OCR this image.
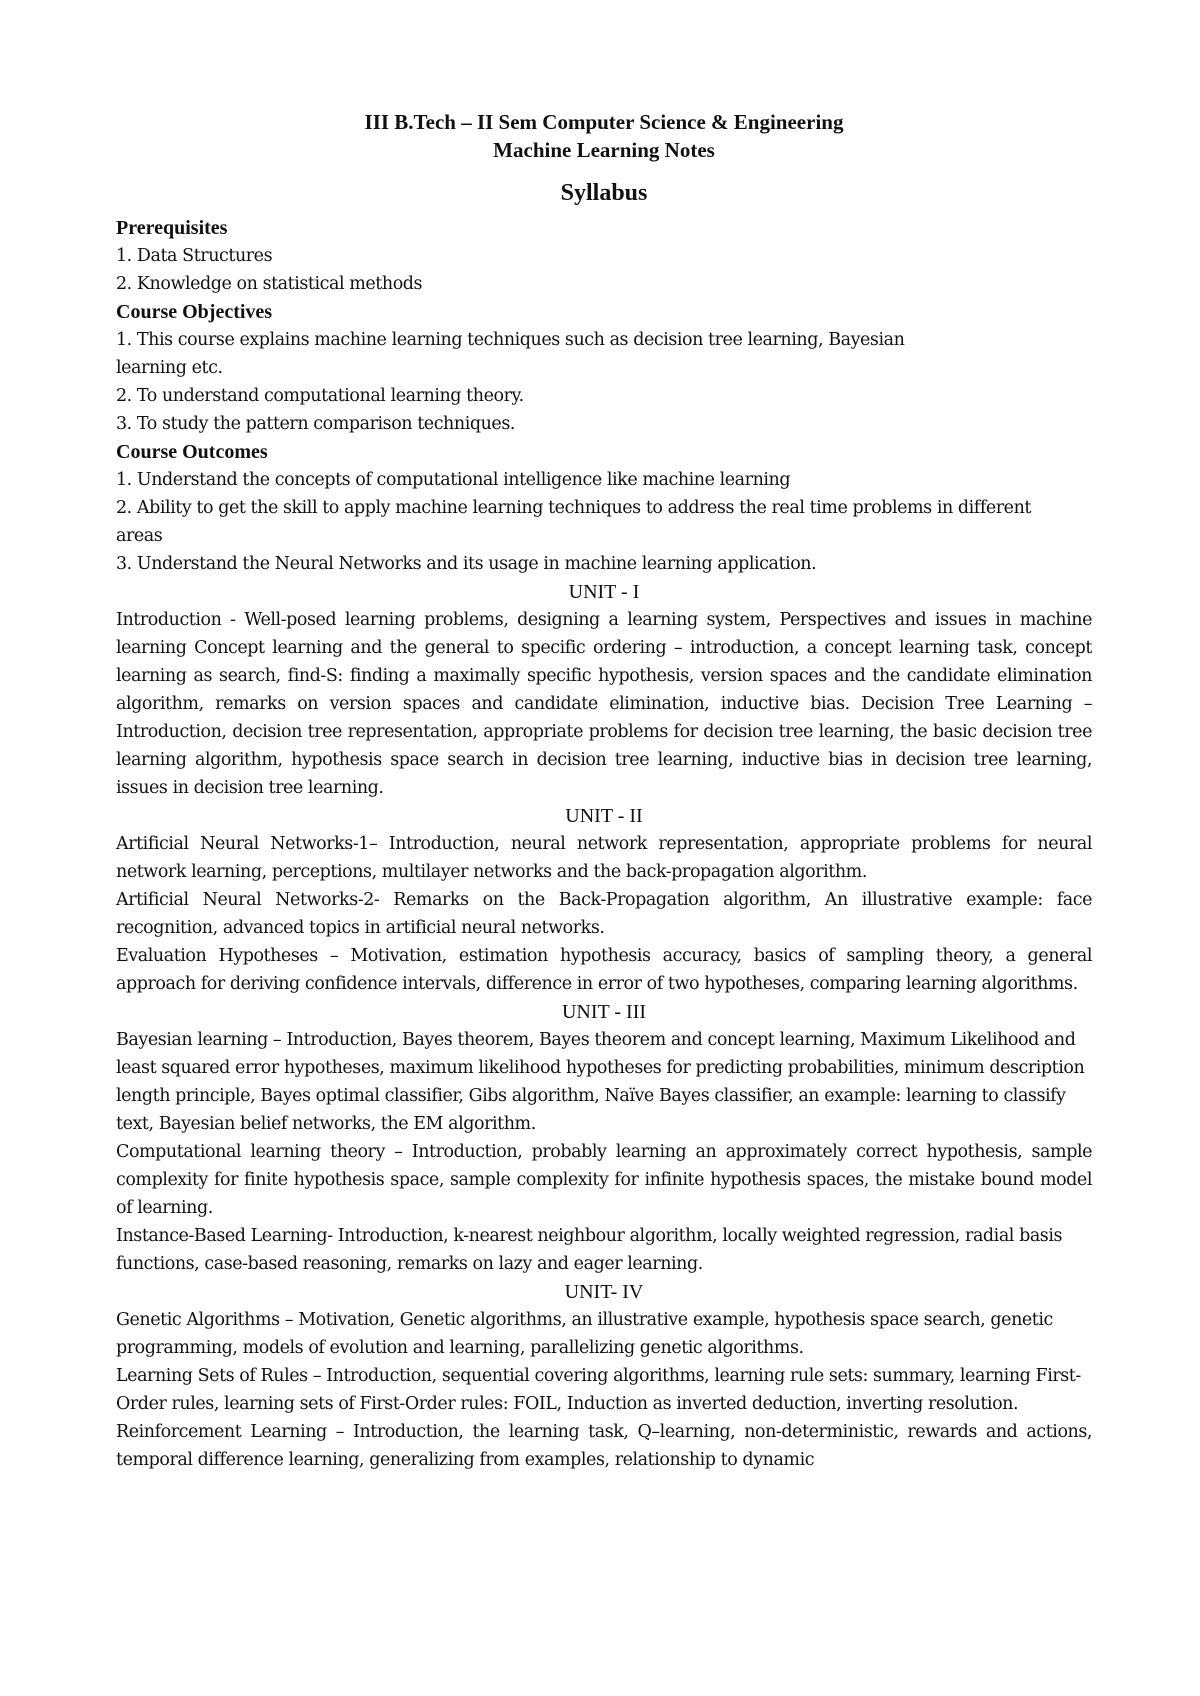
III B.Tech – II Sem Computer Science & Engineering
Machine Learning Notes
Syllabus
Prerequisites
1. Data Structures
2. Knowledge on statistical methods
Course Objectives
1. This course explains machine learning techniques such as decision tree learning, Bayesian learning etc.
2. To understand computational learning theory.
3. To study the pattern comparison techniques.
Course Outcomes
1. Understand the concepts of computational intelligence like machine learning
2. Ability to get the skill to apply machine learning techniques to address the real time problems in different areas
3. Understand the Neural Networks and its usage in machine learning application.
UNIT - I
Introduction - Well-posed learning problems, designing a learning system, Perspectives and issues in machine learning Concept learning and the general to specific ordering – introduction, a concept learning task, concept learning as search, find-S: finding a maximally specific hypothesis, version spaces and the candidate elimination algorithm, remarks on version spaces and candidate elimination, inductive bias. Decision Tree Learning – Introduction, decision tree representation, appropriate problems for decision tree learning, the basic decision tree learning algorithm, hypothesis space search in decision tree learning, inductive bias in decision tree learning, issues in decision tree learning.
UNIT - II
Artificial Neural Networks-1– Introduction, neural network representation, appropriate problems for neural network learning, perceptions, multilayer networks and the back-propagation algorithm.
Artificial Neural Networks-2- Remarks on the Back-Propagation algorithm, An illustrative example: face recognition, advanced topics in artificial neural networks.
Evaluation Hypotheses – Motivation, estimation hypothesis accuracy, basics of sampling theory, a general approach for deriving confidence intervals, difference in error of two hypotheses, comparing learning algorithms.
UNIT - III
Bayesian learning – Introduction, Bayes theorem, Bayes theorem and concept learning, Maximum Likelihood and least squared error hypotheses, maximum likelihood hypotheses for predicting probabilities, minimum description length principle, Bayes optimal classifier, Gibs algorithm, Naïve Bayes classifier, an example: learning to classify text, Bayesian belief networks, the EM algorithm.
Computational learning theory – Introduction, probably learning an approximately correct hypothesis, sample complexity for finite hypothesis space, sample complexity for infinite hypothesis spaces, the mistake bound model of learning.
Instance-Based Learning- Introduction, k-nearest neighbour algorithm, locally weighted regression, radial basis functions, case-based reasoning, remarks on lazy and eager learning.
UNIT- IV
Genetic Algorithms – Motivation, Genetic algorithms, an illustrative example, hypothesis space search, genetic programming, models of evolution and learning, parallelizing genetic algorithms.
Learning Sets of Rules – Introduction, sequential covering algorithms, learning rule sets: summary, learning First-Order rules, learning sets of First-Order rules: FOIL, Induction as inverted deduction, inverting resolution.
Reinforcement Learning – Introduction, the learning task, Q–learning, non-deterministic, rewards and actions, temporal difference learning, generalizing from examples, relationship to dynamic
